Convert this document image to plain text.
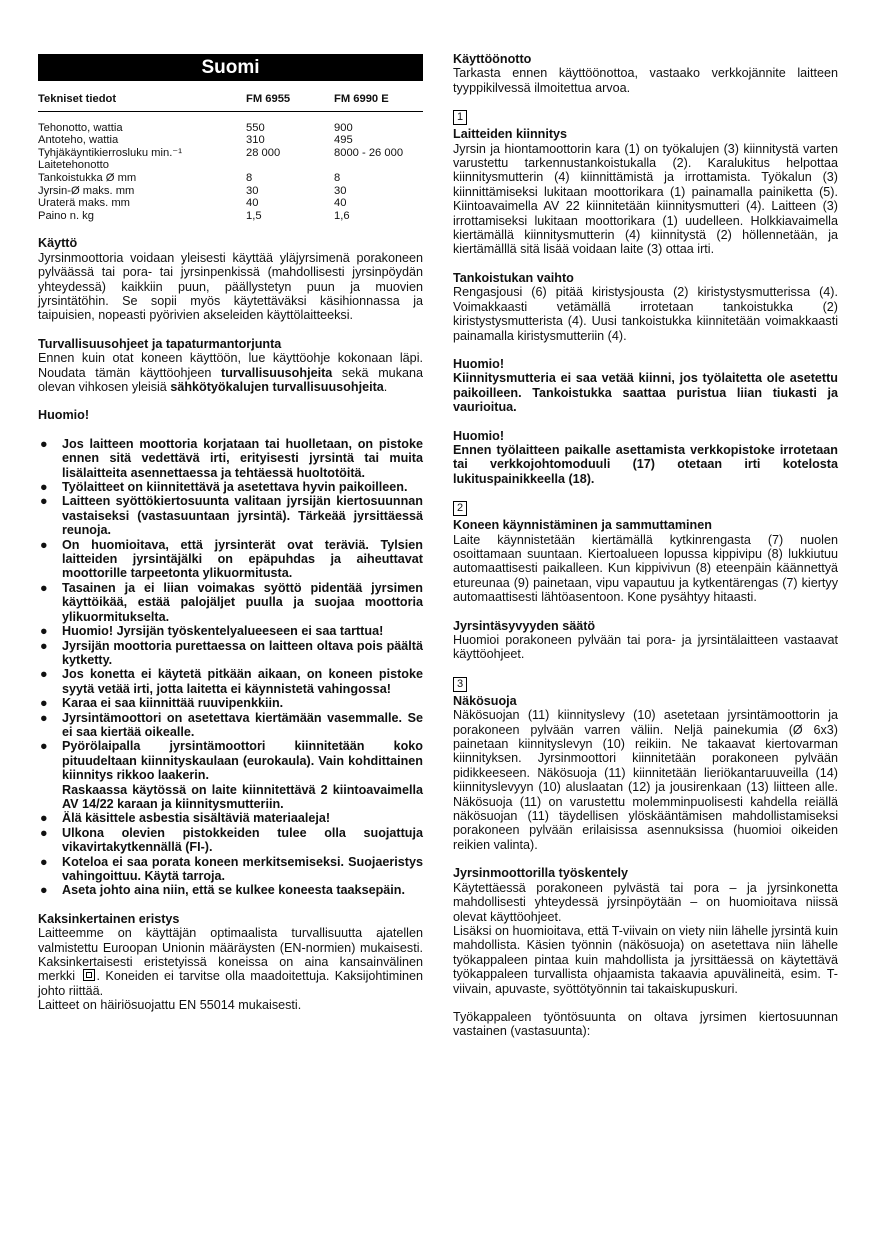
Suomi
Tekniset tiedot	FM 6955	FM 6990 E
Tehonotto, wattia	550	900
Antoteho, wattia	310	495
Tyhjäkäyntikierrosluku min.⁻¹	28 000	8000 - 26 000
Laitetehonotto		
Tankoistukka Ø mm	8	8
Jyrsin-Ø maks. mm	30	30
Uraterä maks. mm	40	40
Paino n. kg	1,5	1,6
Käyttö

Jyrsinmoottoria voidaan yleisesti käyttää yläjyrsimenä porakoneen pylväässä tai pora- tai jyrsinpenkissä (mahdollisesti jyrsinpöydän yhteydessä) kaikkiin puun, päällystetyn puun ja muovien jyrsintätöhin. Se sopii myös käytettäväksi käsihionnassa ja taipuisien, nopeasti pyörivien akseleiden käyttölaitteeksi.

Turvallisuusohjeet ja tapaturmantorjunta

Ennen kuin otat koneen käyttöön, lue käyttöohje kokonaan läpi. Noudata tämän käyttöohjeen turvallisuusohjeita sekä mukana olevan vihkosen yleisiä sähkötyökalujen turvallisuusohjeita.

Huomio!
● Jos laitteen moottoria korjataan tai huolletaan, on pistoke ennen sitä vedettävä irti, erityisesti jyrsintä tai muita lisälaitteita asennettaessa ja tehtäessä huoltotöitä.
● Työlaitteet on kiinnitettävä ja asetettava hyvin paikoilleen.
● Laitteen syöttökiertosuunta valitaan jyrsijän kiertosuunnan vastaiseksi (vastasuuntaan jyrsintä). Tärkeää jyrsittäessä reunoja.
● On huomioitava, että jyrsinterät ovat teräviä. Tylsien laitteiden jyrsintäjälki on epäpuhdas ja aiheuttavat moottorille tarpeetonta ylikuormitusta.
● Tasainen ja ei liian voimakas syöttö pidentää jyrsimen käyttöikää, estää palojäljet puulla ja suojaa moottoria ylikuormitukselta.
● Huomio! Jyrsijän työskentelyalueeseen ei saa tarttua!
● Jyrsijän moottoria purettaessa on laitteen oltava pois päältä kytketty.
● Jos konetta ei käytetä pitkään aikaan, on koneen pistoke syytä vetää irti, jotta laitetta ei käynnistetä vahingossa!
● Karaa ei saa kiinnittää ruuvipenkkiin.
● Jyrsintämoottori on asetettava kiertämään vasemmalle. Se ei saa kiertää oikealle.
● Pyörölaipalla jyrsintämoottori kiinnitetään koko pituudeltaan kiinnityskaulaan (eurokaula). Vain kohdittainen kiinnitys rikkoo laakerin.
Raskaassa käytössä on laite kiinnitettävä 2 kiintoavaimella AV 14/22 karaan ja kiinnitysmutteriin.
● Älä käsittele asbestia sisältäviä materiaaleja!
● Ulkona olevien pistokkeiden tulee olla suojattuja vikavirtakytkennällä (FI-).
● Koteloa ei saa porata koneen merkitsemiseksi. Suojaeristys vahingoittuu. Käytä tarroja.
● Aseta johto aina niin, että se kulkee koneesta taaksepäin.
Kaksinkertainen eristys

Laitteemme on käyttäjän optimaalista turvallisuutta ajatellen valmistettu Euroopan Unionin määräysten (EN-normien) mukaisesti. Kaksinkertaisesti eristetyissä koneissa on aina kansainvälinen merkki . Koneiden ei tarvitse olla maadoitettuja. Kaksijohtiminen johto riittää.

Laitteet on häiriösuojattu EN 55014 mukaisesti.

Käyttöönotto

Tarkasta ennen käyttöönottoa, vastaako verkkojännite laitteen tyyppikilvessä ilmoitettua arvoa.

1
Laitteiden kiinnitys

Jyrsin ja hiontamoottorin kara (1) on työkalujen (3) kiinnitystä varten varustettu tarkennustankoistukalla (2). Karalukitus helpottaa kiinnitysmutterin (4) kiinnittämistä ja irrottamista. Työkalun (3) kiinnittämiseksi lukitaan moottorikara (1) painamalla painiketta (5). Kiintoavaimella AV 22 kiinnitetään kiinnitysmutteri (4). Laitteen (3) irrottamiseksi lukitaan moottorikara (1) uudelleen. Holkkiavaimella kiertämällä kiinnitysmutterin (4) kiinnitystä (2) höllennetään, ja kiertämälllä sitä lisää voidaan laite (3) ottaa irti.

Tankoistukan vaihto

Rengasjousi (6) pitää kiristysjousta (2) kiristystysmutterissa (4). Voimakkaasti vetämällä irrotetaan tankoistukka (2) kiristystysmutterista (4). Uusi tankoistukka kiinnitetään voimakkaasti painamalla kiristysmutteriin (4).

Huomio!

Kiinnitysmutteria ei saa vetää kiinni, jos työlaitetta ole asetettu paikoilleen. Tankoistukka saattaa puristua liian tiukasti ja vaurioitua.

Huomio!

Ennen työlaitteen paikalle asettamista verkkopistoke irrotetaan tai verkkojohtomoduuli (17) otetaan irti kotelosta lukituspainikkeella (18).

2
Koneen käynnistäminen ja sammuttaminen

Laite käynnistetään kiertämällä kytkinrengasta (7) nuolen osoittamaan suuntaan. Kiertoalueen lopussa kippivipu (8) lukkiutuu automaattisesti paikalleen. Kun kippivivun (8) eteenpäin käännettyä etureunaa (9) painetaan, vipu vapautuu ja kytkentärengas (7) kiertyy automaattisesti lähtöasentoon. Kone pysähtyy hitaasti.

Jyrsintäsyvyyden säätö

Huomioi porakoneen pylvään tai pora- ja jyrsintälaitteen vastaavat käyttöohjeet.

3
Näkösuoja

Näkösuojan (11) kiinnityslevy (10) asetetaan jyrsintämoottorin ja porakoneen pylvään varren väliin. Neljä painekumia (Ø 6x3) painetaan kiinnityslevyn (10) reikiin. Ne takaavat kiertovarman kiinnityksen. Jyrsinmoottori kiinnitetään porakoneen pylvään pidikkeeseen. Näkösuoja (11) kiinnitetään lieriökantaruuveilla (14) kiinnityslevyyn (10) aluslaatan (12) ja jousirenkaan (13) liitteen alle. Näkösuoja (11) on varustettu molemminpuolisesti kahdella reiällä näkösuojan (11) täydellisen ylöskääntämisen mahdollistamiseksi porakoneen pylvään erilaisissa asennuksissa (huomioi oikeiden reikien valinta).

Jyrsinmoottorilla työskentely

Käytettäessä porakoneen pylvästä tai pora – ja jyrsinkonetta mahdollisesti yhteydessä jyrsinpöytään – on huomioitava niissä olevat käyttöohjeet.

Lisäksi on huomioitava, että T-viivain on viety niin lähelle jyrsintä kuin mahdollista. Käsien työnnin (näkösuoja) on asetettava niin lähelle työkappaleen pintaa kuin mahdollista ja jyrsittäessä on käytettävä työkappaleen turvallista ohjaamista takaavia apuvälineitä, esim. T-viivain, apuvaste, syöttötyönnin tai takaiskupuskuri.

Työkappaleen työntösuunta on oltava jyrsimen kiertosuunnan vastainen (vastasuunta):
